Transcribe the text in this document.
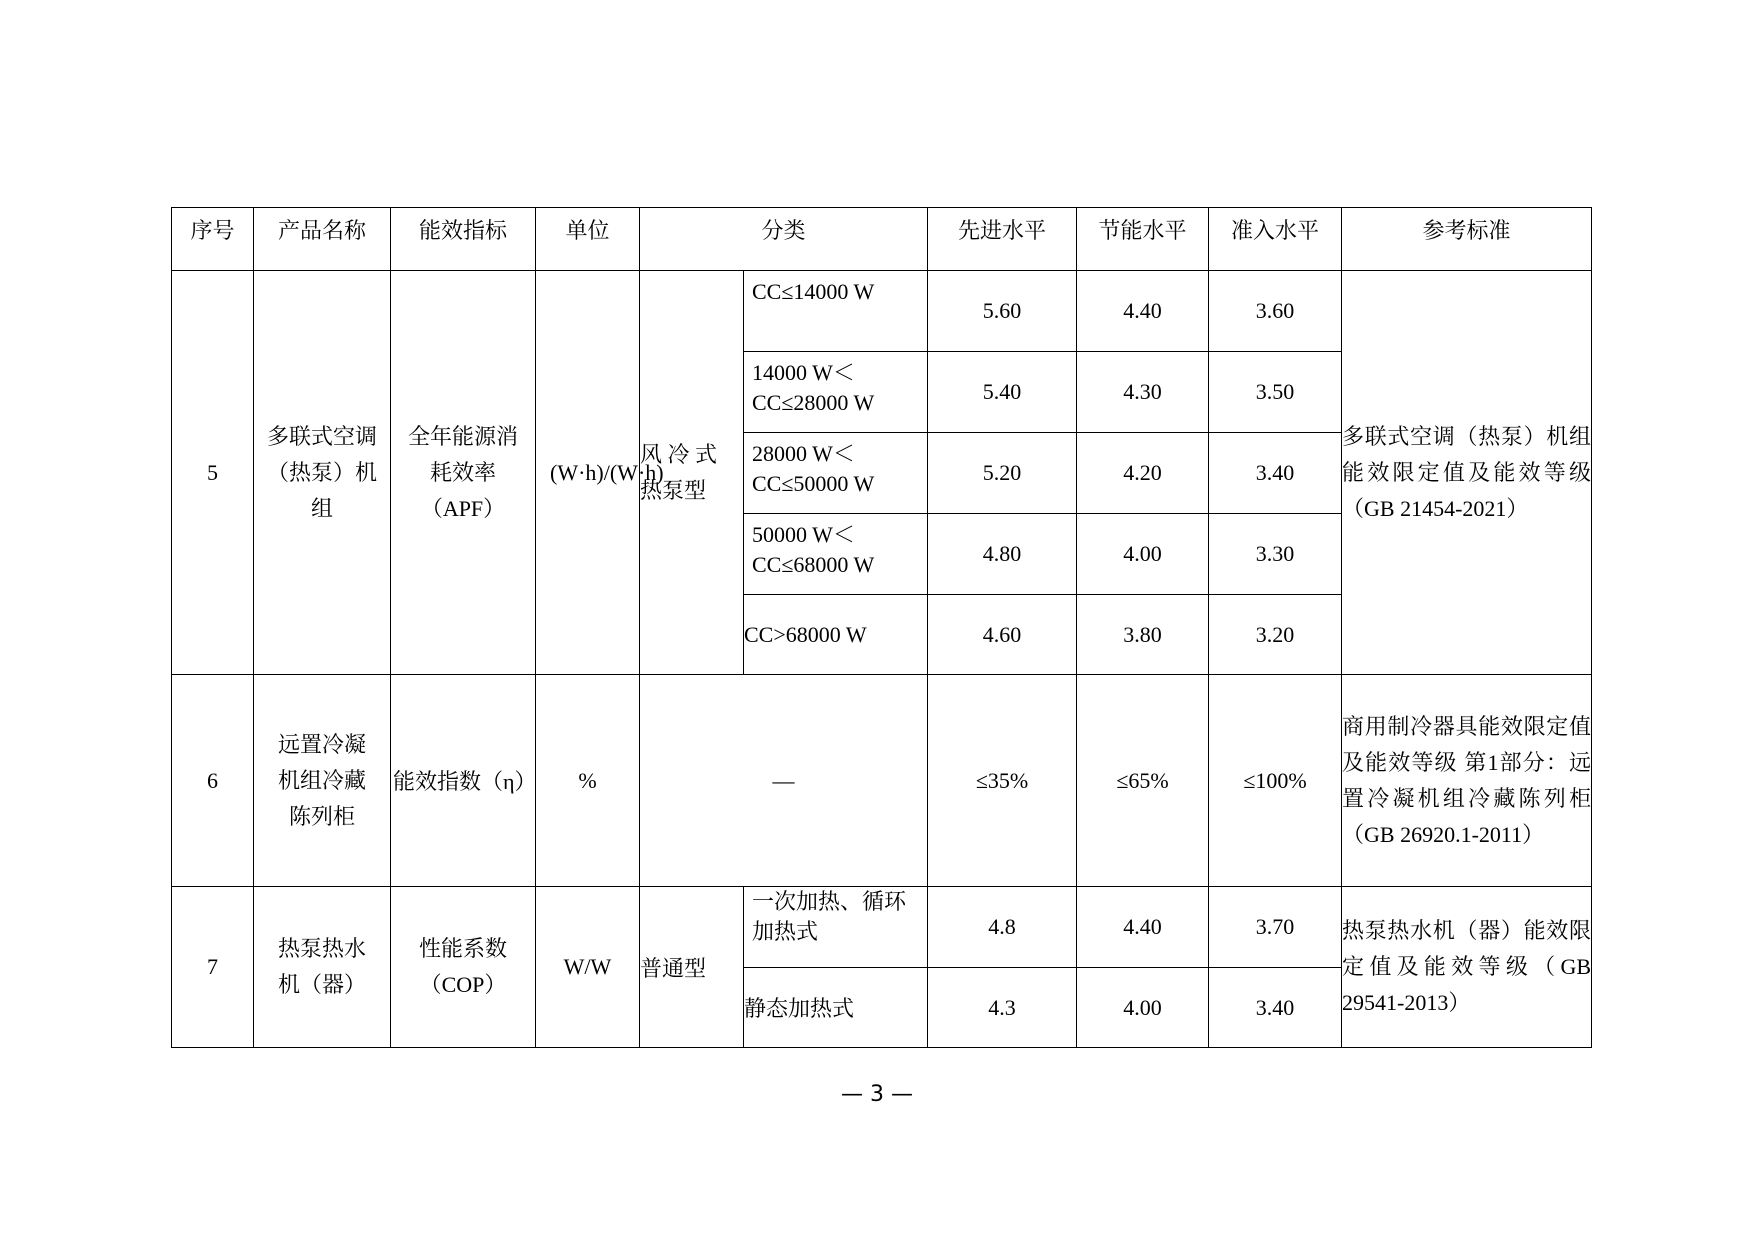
序号	产品名称	能效指标	单位	分类		先进水平	节能水平	准入水平	参考标准
5	多联式空调（热泵）机组	全年能源消耗效率（APF）	(W·h)/(W·h)	风 冷 式 热泵型	CC≤14000 W	5.60	4.40	3.60	多联式空调（热泵）机组能效限定值及能效等级（GB 21454-2021）

					14000 W＜CC≤28000 W	5.40	4.30	3.50	

					28000 W＜CC≤50000 W	5.20	4.20	3.40	

					50000 W＜CC≤68000 W	4.80	4.00	3.30	
					CC>68000 W	4.60	3.80	3.20	
6	远置冷凝机组冷藏陈列柜	能效指数（η）	%	—		≤35%	≤65%	≤100%	商用制冷器具能效限定值及能效等级 第1部分：远置冷凝机组冷藏陈列柜（GB 26920.1-2011）
7	热泵热水机（器）	性能系数（COP）	W/W	普通型	一次加热、循环 加热式	4.8	4.40	3.70	热泵热水机（器）能效限定值及能效等级（GB 29541-2013）
					静态加热式	4.3	4.00	3.40	
— 3 —
